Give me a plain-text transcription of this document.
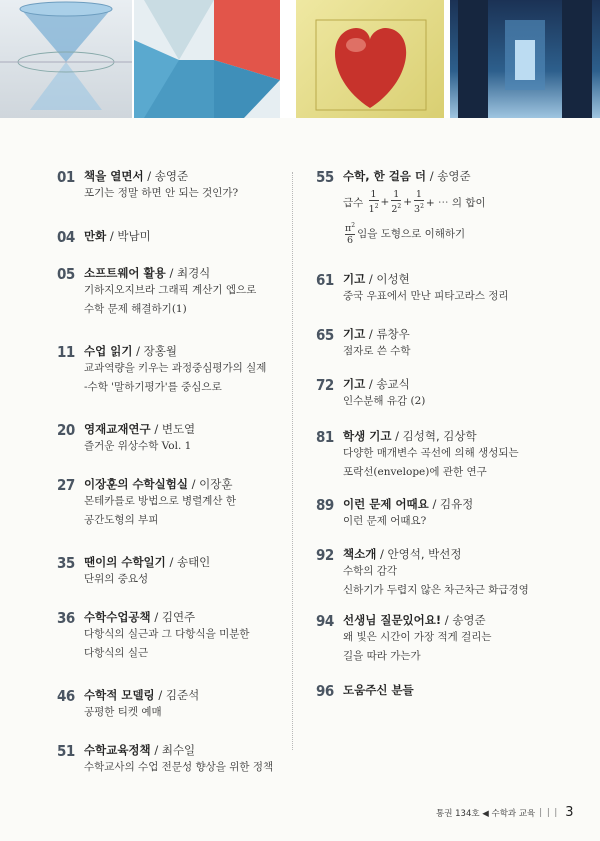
01 책을 열면서 / 송영준
포기는 정말 하면 안 되는 것인가?
04 만화 / 박남미
05 소프트웨어 활용 / 최경식
기하지오지브라 그래픽 계산기 엡으로
수학 문제 해결하기(1)
11 수업 읽기 / 장홍월
교과역량을 키우는 과정중심평가의 실제
-수학 '말하기평가'를 중심으로
20 영재교재연구 / 변도열
즐거운 위상수학 Vol. 1
27 이장훈의 수학실험실 / 이장훈
몬테카를로 방법으로 병렬계산 한
공간도형의 부피
35 땐이의 수학일기 / 송태인
단위의 중요성
36 수학수업공책 / 김연주
다항식의 실근과 그 다항식을 미분한
다항식의 실근
46 수학적 모델링 / 김준석
공평한 티켓 예매
51 수학교육정책 / 최수일
수학교사의 수업 전문성 향상을 위한 정책
55 수학, 한 걸음 더 / 송영준
급수
$\frac{1}{1^2} + \frac{1}{2^2} + \frac{1}{3^2}$ + ⋯ 의 합이
$\frac{\pi^2}{6}$ 임을 도형으로 이해하기
61 기고 / 이성현
중국 우표에서 만난 피타고라스 정리
65 기고 / 류창우
점자로 쓴 수학
72 기고 / 송교식
인수분해 유감 (2)
81 학생 기고 / 김성혁, 김상학
다양한 매개변수 곡선에 의해 생성되는
포락선(envelope)에 관한 연구
89 이런 문제 어때요 / 김유정
이런 문제 어때요?
92 책소개 / 안영석, 박선정
수학의 감각
신하기가 두렵지 않은 차근차근 화급경영
94 선생님 질문있어요! / 송영준
왜 빛은 시간이 가장 적게 걸리는
길을 따라 가는가
96 도움주신 분들
통권 134호 ◀ 수학과 교육 | | | 3
